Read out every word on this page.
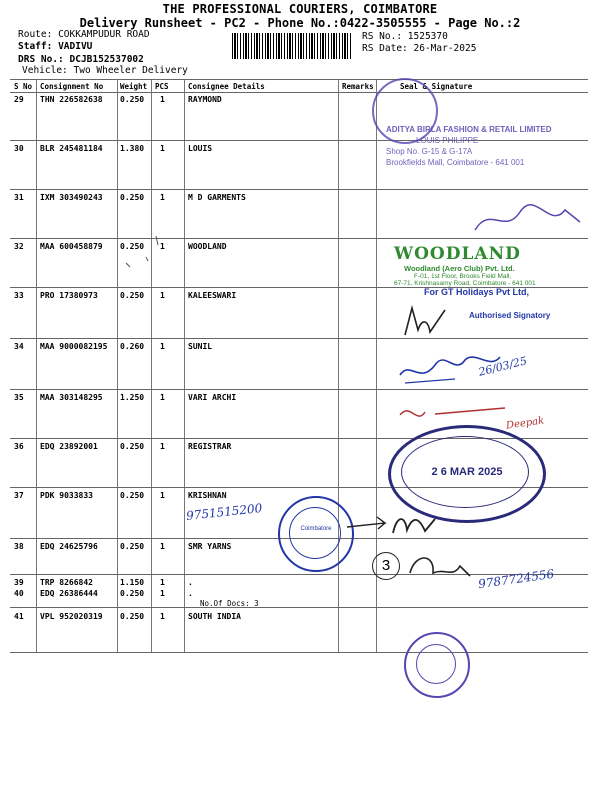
THE PROFESSIONAL COURIERS, COIMBATORE
Delivery Runsheet - PC2 - Phone No.:0422-3505555 - Page No.:2
Route: COKKAMPUDUR ROAD
Staff: VADIVU
DRS No.: DCJB152537002
Vehicle: Two Wheeler Delivery
RS No.: 1525370
RS Date: 26-Mar-2025
S No Consignment No Weight PCS	Consignee Details	Remarks	Seal & Signature
29 THN 226582638 0.250 1	RAYMOND
30 BLR 245481184 1.380 1	LOUIS
31 IXM 303490243 0.250 1	M D GARMENTS
32 MAA 600458879 0.250 1	WOODLAND
33 PRO 17380973	0.250 1	KALEESWARI
34 MAA 9000082195 0.260 1	SUNIL
35 MAA 303148295 1.250 1	VARI ARCHI
36 EDQ 23892001	0.250 1	REGISTRAR
37 PDK 9033833	0.250 1	KRISHNAN
38 EDQ 24625796	0.250 1	SMR YARNS
39 TRP 8266842	1.150 1	.
40 EDQ 26386444	0.250 1	.
41 VPL 952020319 0.250 1	SOUTH INDIA
No.Of Docs: 3
ADITYA BIRLA FASHION & RETAIL LIMITED
LOUIS PHILIPPE
Shop No. G-15 & G-17A
Brookfields Mall, Coimbatore - 641 001
WOODLAND
Woodland (Aero Club) Pvt. Ltd.
F-01, 1st Floor, Brooks Field Mall,
67-71, Krishnasamy Road, Coimbatore - 641 001
For GT Holidays Pvt Ltd,
Authorised Signatory
26/03/25
Deepak
2 6 MAR 2025
Coimbatore
9751515200
3
9787724556
